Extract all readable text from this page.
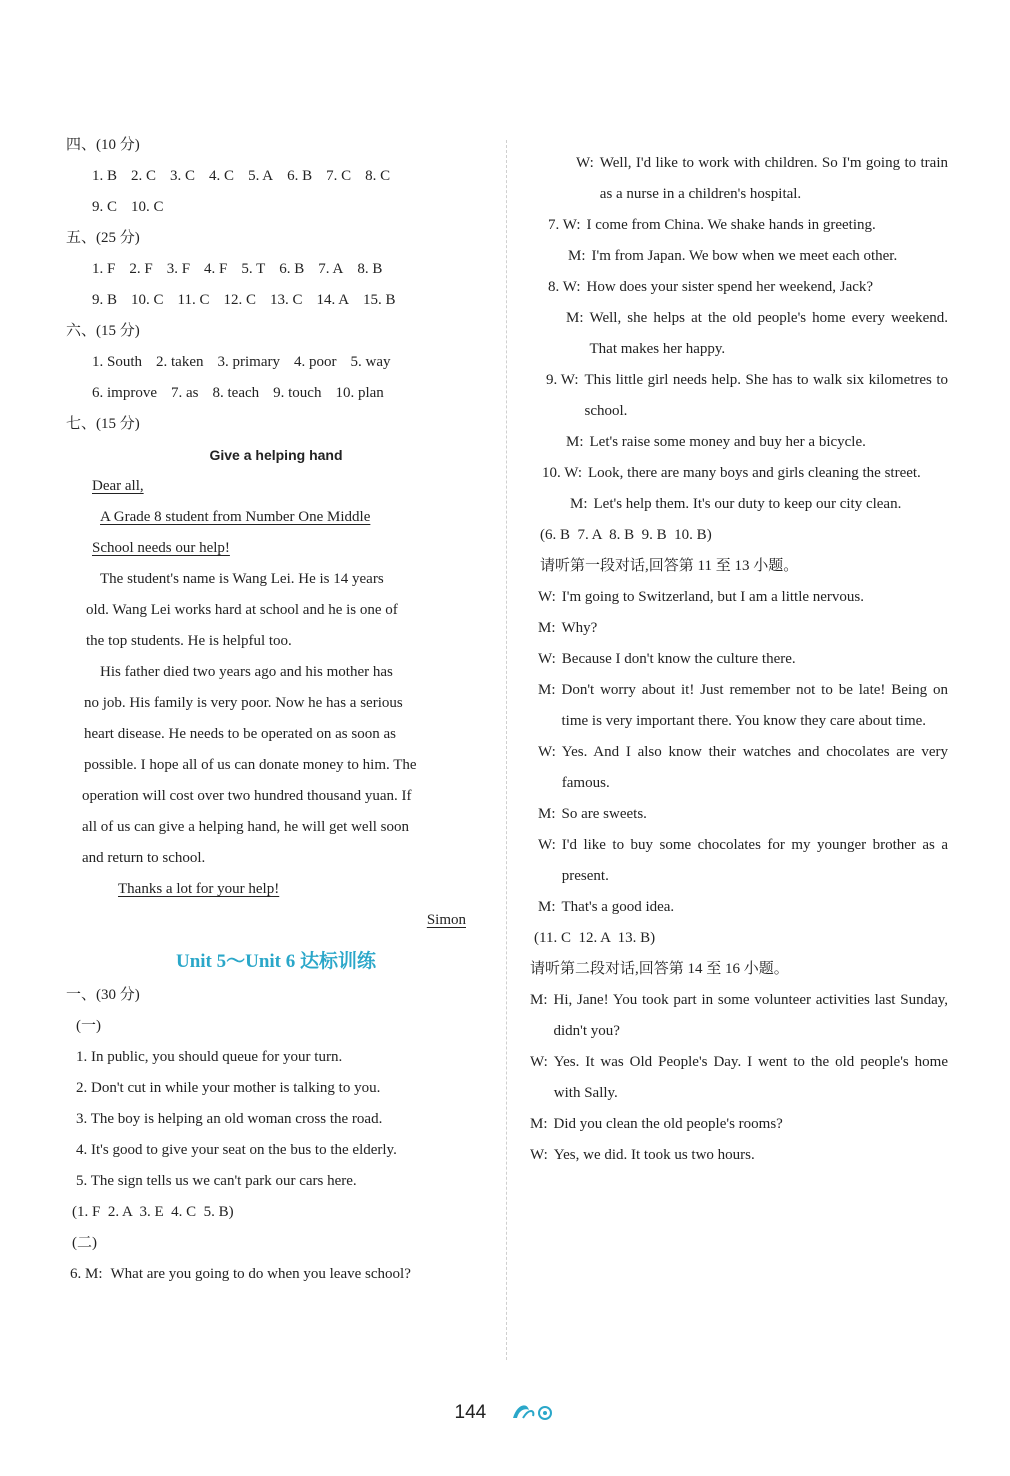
四、(10 分)
1. B 2. C 3. C 4. C 5. A 6. B 7. C 8. C
9. C 10. C
五、(25 分)
1. F 2. F 3. F 4. F 5. T 6. B 7. A 8. B
9. B 10. C 11. C 12. C 13. C 14. A 15. B
六、(15 分)
1. South 2. taken 3. primary 4. poor 5. way
6. improve 7. as 8. teach 9. touch 10. plan
七、(15 分)
Give a helping hand
Dear all,
A Grade 8 student from Number One Middle
School needs our help!
The student's name is Wang Lei. He is 14 years
old. Wang Lei works hard at school and he is one of
the top students. He is helpful too.
His father died two years ago and his mother has
no job. His family is very poor. Now he has a serious
heart disease. He needs to be operated on as soon as
possible. I hope all of us can donate money to him. The
operation will cost over two hundred thousand yuan. If
all of us can give a helping hand, he will get well soon
and return to school.
Thanks a lot for your help!
Simon
Unit 5～Unit 6 达标训练
一、(30 分)
(一)
1. In public, you should queue for your turn.
2. Don't cut in while your mother is talking to you.
3. The boy is helping an old woman cross the road.
4. It's good to give your seat on the bus to the elderly.
5. The sign tells us we can't park our cars here.
(1. F  2. A  3. E  4. C  5. B)
(二)
6. M: What are you going to do when you leave school?
W: Well, I'd like to work with children. So I'm going to train as a nurse in a children's hospital.
7. W: I come from China. We shake hands in greeting.
M: I'm from Japan. We bow when we meet each other.
8. W: How does your sister spend her weekend, Jack?
M: Well, she helps at the old people's home every weekend. That makes her happy.
9. W: This little girl needs help. She has to walk six kilometres to school.
M: Let's raise some money and buy her a bicycle.
10. W: Look, there are many boys and girls cleaning the street.
M: Let's help them. It's our duty to keep our city clean.
(6. B  7. A  8. B  9. B  10. B)
请听第一段对话,回答第 11 至 13 小题。
W: I'm going to Switzerland, but I am a little nervous.
M: Why?
W: Because I don't know the culture there.
M: Don't worry about it! Just remember not to be late! Being on time is very important there. You know they care about time.
W: Yes. And I also know their watches and chocolates are very famous.
M: So are sweets.
W: I'd like to buy some chocolates for my younger brother as a present.
M: That's a good idea.
(11. C  12. A  13. B)
请听第二段对话,回答第 14 至 16 小题。
M: Hi, Jane! You took part in some volunteer activities last Sunday, didn't you?
W: Yes. It was Old People's Day. I went to the old people's home with Sally.
M: Did you clean the old people's rooms?
W: Yes, we did. It took us two hours.
144
